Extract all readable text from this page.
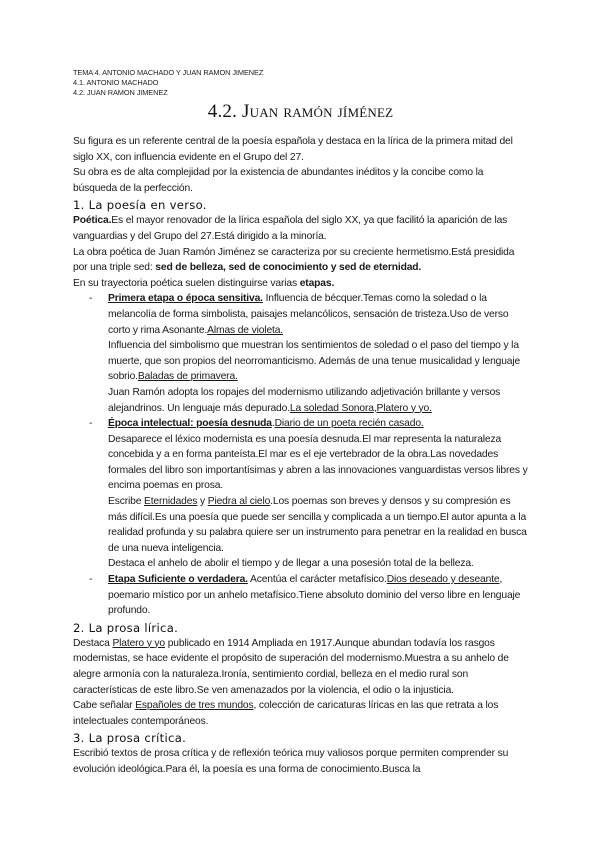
TEMA 4. ANTONIO MACHADO Y JUAN RAMON JIMENEZ
4.1. ANTONIO MACHADO
4.2. JUAN RAMON JIMENEZ
4.2. Juan ramón jíménez

Su figura es un referente central de la poesía española y destaca en la lírica de la primera mitad del siglo XX, con influencia evidente en el Grupo del 27.

Su obra es de alta complejidad por la existencia de abundantes inéditos y la concibe como la búsqueda de la perfección.

1. La poesía en verso.

Poética.Es el mayor renovador de la lírica española del siglo XX, ya que facilitó la aparición de las vanguardias y del Grupo del 27.Está dirigido a la minoría.

La obra poética de Juan Ramón Jiménez se caracteriza por su creciente hermetismo.Está presidida por una triple sed: sed de belleza, sed de conocimiento y sed de eternidad.

En su trayectoria poética suelen distinguirse varias etapas.

- Primera etapa o época sensitiva. Influencia de bécquer.Temas como la soledad o la melancolía de forma simbolista, paisajes melancólicos, sensación de tristeza.Uso de verso corto y rima Asonante.Almas de violeta.
Influencia del simbolismo que muestran los sentimientos de soledad o el paso del tiempo y la muerte, que son propios del neorromanticismo. Además de una tenue musicalidad y lenguaje sobrio.Baladas de primavera.
Juan Ramón adopta los ropajes del modernismo utilizando adjetivación brillante y versos alejandrinos. Un lenguaje más depurado.La soledad Sonora,Platero y yo.
- Época intelectual: poesía desnuda.Diario de un poeta recién casado.
Desaparece el léxico modernista es una poesía desnuda.El mar representa la naturaleza concebida y a en forma panteísta.El mar es el eje vertebrador de la obra.Las novedades formales del libro son importantísimas y abren a las innovaciones vanguardistas versos libres y encima poemas en prosa.
Escribe Eternidades y Piedra al cielo.Los poemas son breves y densos y su compresión es más difícil.Es una poesía que puede ser sencilla y complicada a un tiempo.El autor apunta a la realidad profunda y su palabra quiere ser un instrumento para penetrar en la realidad en busca de una nueva inteligencia.
Destaca el anhelo de abolir el tiempo y de llegar a una posesión total de la belleza.
- Etapa Suficiente o verdadera. Acentúa el carácter metafísico.Dios deseado y deseante, poemario místico por un anhelo metafísico.Tiene absoluto dominio del verso libre en lenguaje profundo.
2. La prosa lírica.

Destaca Platero y yo publicado en 1914 Ampliada en 1917.Aunque abundan todavía los rasgos modernistas, se hace evidente el propósito de superación del modernismo.Muestra a su anhelo de alegre armonía con la naturaleza.Ironía, sentimiento cordial, belleza en el medio rural son características de este libro.Se ven amenazados por la violencia, el odio o la injusticia.

Cabe señalar Españoles de tres mundos, colección de caricaturas líricas en las que retrata a los intelectuales contemporáneos.

3. La prosa crítica.

Escribió textos de prosa crítica y de reflexión teórica muy valiosos porque permiten comprender su evolución ideológica.Para él, la poesía es una forma de conocimiento.Busca la
